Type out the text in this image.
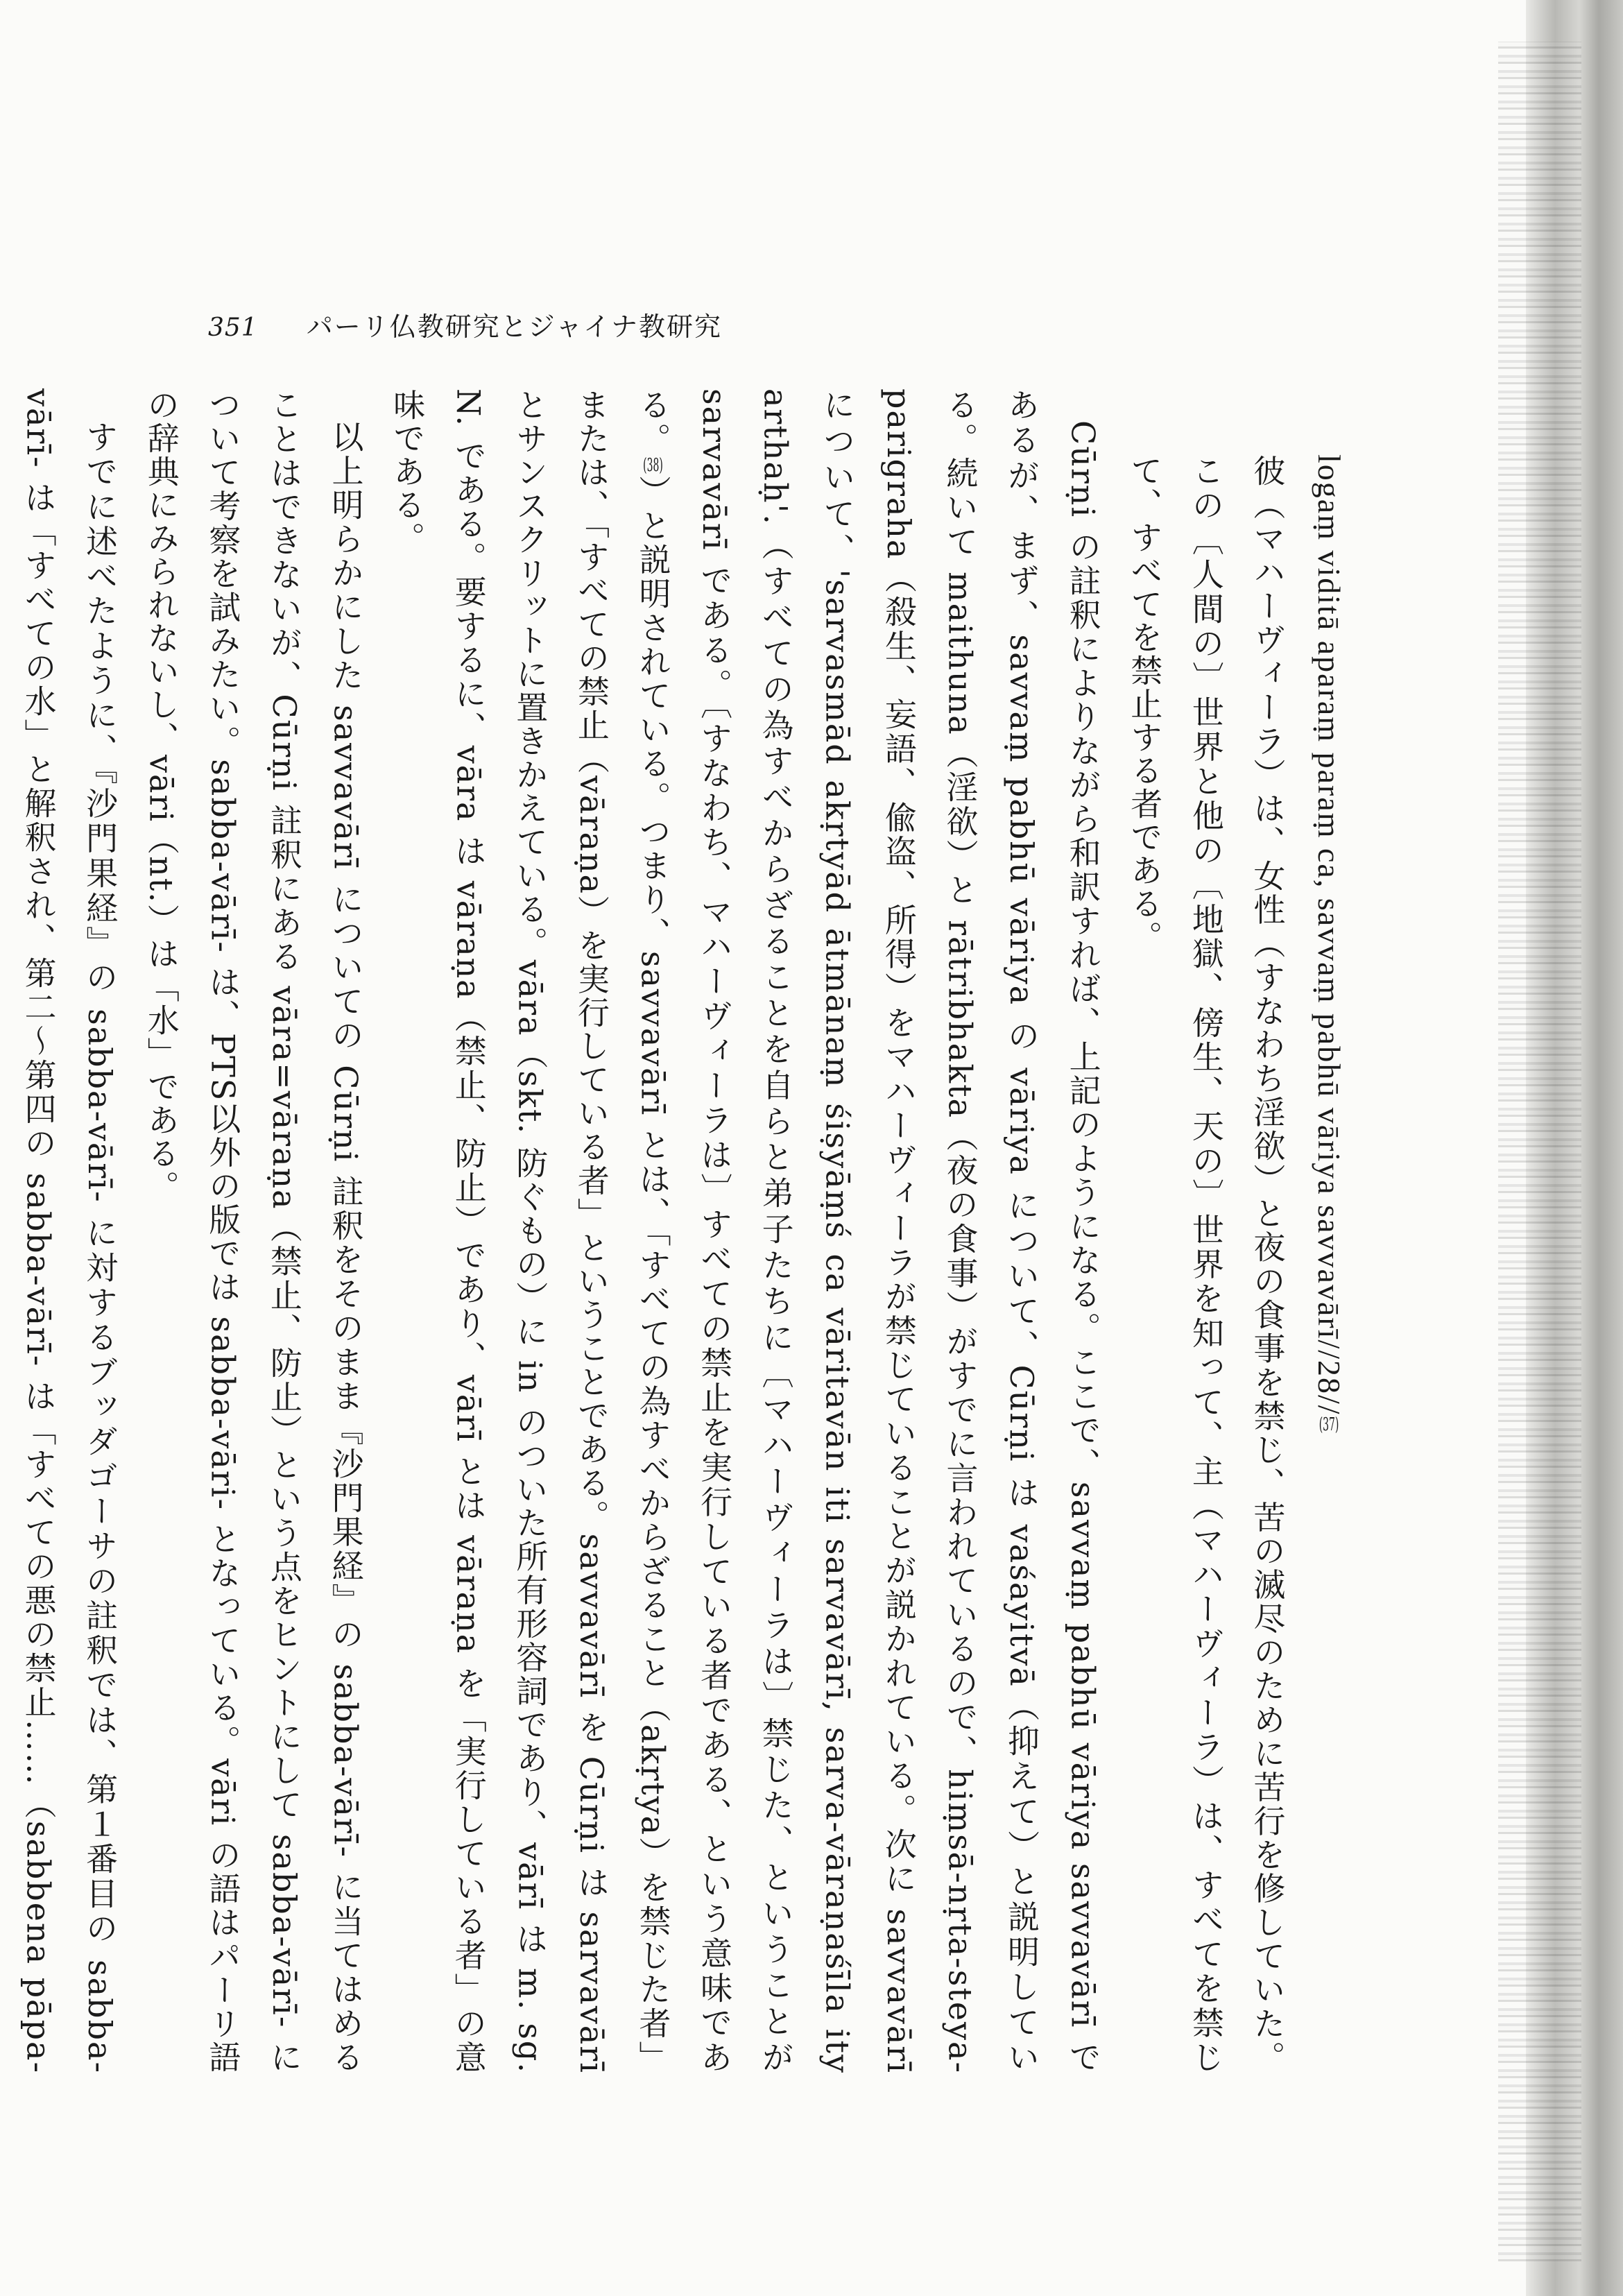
351 パーリ仏教研究とジャイナ教研究

logaṃ viditā aparaṃ paraṃ ca, savvaṃ pabhū vāriya savvavārī//28//(37)

彼（マハーヴィーラ）は、女性（すなわち淫欲）と夜の食事を禁じ、苦の滅尽のために苦行を修していた。この〔人間の〕世界と他の〔地獄、傍生、天の〕世界を知って、主（マハーヴィーラ）は、すべてを禁じて、すべてを禁止する者である。

Cūrṇi の註釈によりながら和訳すれば、上記のようになる。ここで、savvaṃ pabhū vāriya savvavārī であるが、まず、savvaṃ pabhū vāriya の vāriya について、Cūrṇi は vaśayitvā（抑えて）と説明している。続いて maithuna（淫欲）と rātribhakta（夜の食事）がすでに言われているので、hiṃsā-nṛta-steya-parigraha（殺生、妄語、偸盗、所得）をマハーヴィーラが禁じていることが説かれている。次に savvavārī について、'sarvasmād akṛtyād ātmānaṃ śiṣyāṃś ca vāritavān iti sarvavārī, sarva-vāraṇaśīla ity arthaḥ'.（すべての為すべからざることを自らと弟子たちに〔マハーヴィーラは〕禁じた、ということが sarvavārī である。〔すなわち、マハーヴィーラは〕すべての禁止を実行している者である、という意味である。(38)）と説明されている。つまり、savvavārī とは、「すべての為すべからざること（akṛtya）を禁じた者」または、「すべての禁止（vāraṇa）を実行している者」ということである。savvavārī を Cūrṇi は sarvavārī とサンスクリットに置きかえている。vāra（skt. 防ぐもの）に in のついた所有形容詞であり、vārī は m. sg. N. である。要するに、vāra は vāraṇa（禁止、防止）であり、vārī とは vāraṇa を「実行している者」の意味である。

以上明らかにした savvavārī についての Cūrṇi 註釈をそのまま『沙門果経』の sabba-vārī- に当てはめることはできないが、Cūrṇi 註釈にある vāra=vāraṇa（禁止、防止）という点をヒントにして sabba-vārī- について考察を試みたい。sabba-vārī- は、PTS以外の版では sabba-vāri- となっている。vāri の語はパーリ語の辞典にみられないし、vāri（nt.）は「水」である。

すでに述べたように、『沙門果経』の sabba-vārī- に対するブッダゴーサの註釈では、第１番目の sabba-vārī- は「すべての水」と解釈され、第二～第四の sabba-vārī- は「すべての悪の禁止……（sabbena pāpa-
